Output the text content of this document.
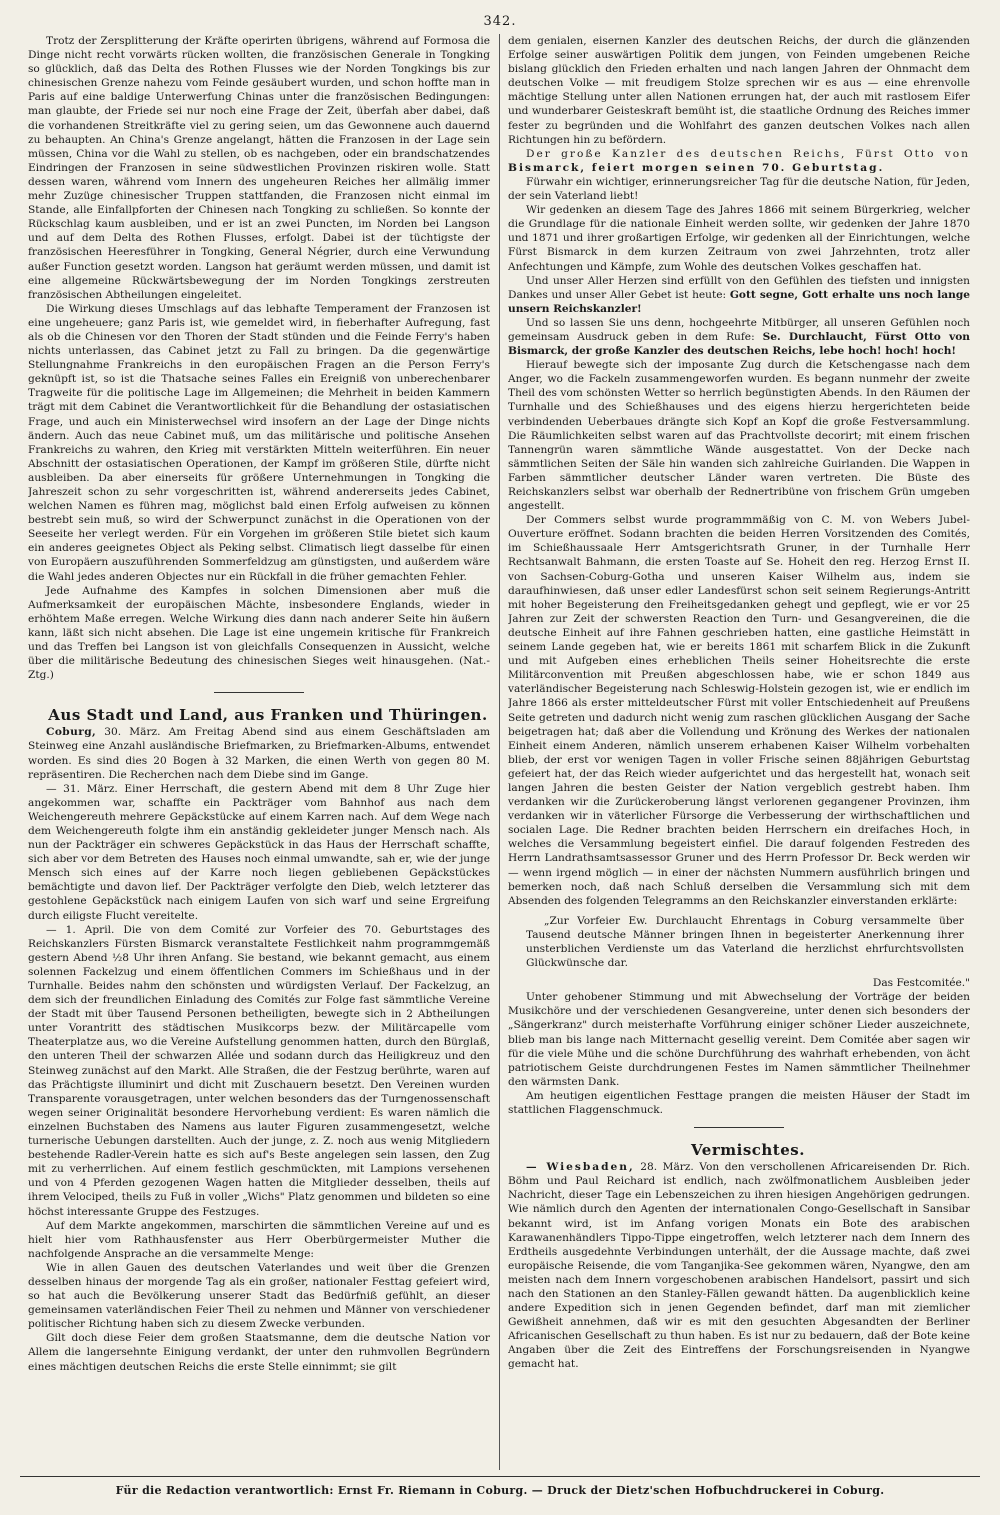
342.

Trotz der Zersplitterung der Kräfte operirten übrigens, während auf Formosa die Dinge nicht recht vorwärts rücken wollten, die französischen Generale in Tongking so glücklich, daß das Delta des Rothen Flusses wie der Norden Tongkings bis zur chinesischen Grenze nahezu vom Feinde gesäubert wurden, und schon hoffte man in Paris auf eine baldige Unterwerfung Chinas unter die französischen Bedingungen: man glaubte, der Friede sei nur noch eine Frage der Zeit, überfah aber dabei, daß die vorhandenen Streitkräfte viel zu gering seien, um das Gewonnene auch dauernd zu behaupten. An China's Grenze angelangt, hätten die Franzosen in der Lage sein müssen, China vor die Wahl zu stellen, ob es nachgeben, oder ein brandschatzendes Eindringen der Franzosen in seine südwestlichen Provinzen riskiren wolle. Statt dessen waren, während vom Innern des ungeheuren Reiches her allmälig immer mehr Zuzüge chinesischer Truppen stattfanden, die Franzosen nicht einmal im Stande, alle Einfallpforten der Chinesen nach Tongking zu schließen. So konnte der Rückschlag kaum ausbleiben, und er ist an zwei Puncten, im Norden bei Langson und auf dem Delta des Rothen Flusses, erfolgt. Dabei ist der tüchtigste der französischen Heeresführer in Tongking, General Négrier, durch eine Verwundung außer Function gesetzt worden. Langson hat geräumt werden müssen, und damit ist eine allgemeine Rückwärtsbewegung der im Norden Tongkings zerstreuten französischen Abtheilungen eingeleitet.

Die Wirkung dieses Umschlags auf das lebhafte Temperament der Franzosen ist eine ungeheuere; ganz Paris ist, wie gemeldet wird, in fieberhafter Aufregung, fast als ob die Chinesen vor den Thoren der Stadt stünden und die Feinde Ferry's haben nichts unterlassen, das Cabinet jetzt zu Fall zu bringen. Da die gegenwärtige Stellungnahme Frankreichs in den europäischen Fragen an die Person Ferry's geknüpft ist, so ist die Thatsache seines Falles ein Ereigniß von unberechenbarer Tragweite für die politische Lage im Allgemeinen; die Mehrheit in beiden Kammern trägt mit dem Cabinet die Verantwortlichkeit für die Behandlung der ostasiatischen Frage, und auch ein Ministerwechsel wird insofern an der Lage der Dinge nichts ändern. Auch das neue Cabinet muß, um das militärische und politische Ansehen Frankreichs zu wahren, den Krieg mit verstärkten Mitteln weiterführen. Ein neuer Abschnitt der ostasiatischen Operationen, der Kampf im größeren Stile, dürfte nicht ausbleiben. Da aber einerseits für größere Unternehmungen in Tongking die Jahreszeit schon zu sehr vorgeschritten ist, während andererseits jedes Cabinet, welchen Namen es führen mag, möglichst bald einen Erfolg aufweisen zu können bestrebt sein muß, so wird der Schwerpunct zunächst in die Operationen von der Seeseite her verlegt werden. Für ein Vorgehen im größeren Stile bietet sich kaum ein anderes geeignetes Object als Peking selbst. Climatisch liegt dasselbe für einen von Europäern auszuführenden Sommerfeldzug am günstigsten, und außerdem wäre die Wahl jedes anderen Objectes nur ein Rückfall in die früher gemachten Fehler.

Jede Aufnahme des Kampfes in solchen Dimensionen aber muß die Aufmerksamkeit der europäischen Mächte, insbesondere Englands, wieder in erhöhtem Maße erregen. Welche Wirkung dies dann nach anderer Seite hin äußern kann, läßt sich nicht absehen. Die Lage ist eine ungemein kritische für Frankreich und das Treffen bei Langson ist von gleichfalls Consequenzen in Aussicht, welche über die militärische Bedeutung des chinesischen Sieges weit hinausgehen. (Nat.-Ztg.)

Aus Stadt und Land, aus Franken und Thüringen.

Coburg, 30. März. Am Freitag Abend sind aus einem Geschäftsladen am Steinweg eine Anzahl ausländische Briefmarken, zu Briefmarken-Albums, entwendet worden. Es sind dies 20 Bogen à 32 Marken, die einen Werth von gegen 80 M. repräsentiren. Die Recherchen nach dem Diebe sind im Gange.

— 31. März. Einer Herrschaft, die gestern Abend mit dem 8 Uhr Zuge hier angekommen war, schaffte ein Packträger vom Bahnhof aus nach dem Weichengereuth mehrere Gepäckstücke auf einem Karren nach. Auf dem Wege nach dem Weichengereuth folgte ihm ein anständig gekleideter junger Mensch nach. Als nun der Packträger ein schweres Gepäckstück in das Haus der Herrschaft schaffte, sich aber vor dem Betreten des Hauses noch einmal umwandte, sah er, wie der junge Mensch sich eines auf der Karre noch liegen gebliebenen Gepäckstückes bemächtigte und davon lief. Der Packträger verfolgte den Dieb, welch letzterer das gestohlene Gepäckstück nach einigem Laufen von sich warf und seine Ergreifung durch eiligste Flucht vereitelte.

— 1. April. Die von dem Comité zur Vorfeier des 70. Geburtstages des Reichskanzlers Fürsten Bismarck veranstaltete Festlichkeit nahm programmgemäß gestern Abend ½8 Uhr ihren Anfang. Sie bestand, wie bekannt gemacht, aus einem solennen Fackelzug und einem öffentlichen Commers im Schießhaus und in der Turnhalle. Beides nahm den schönsten und würdigsten Verlauf. Der Fackelzug, an dem sich der freundlichen Einladung des Comités zur Folge fast sämmtliche Vereine der Stadt mit über Tausend Personen betheiligten, bewegte sich in 2 Abtheilungen unter Vorantritt des städtischen Musikcorps bezw. der Militärcapelle vom Theaterplatze aus, wo die Vereine Aufstellung genommen hatten, durch den Bürglaß, den unteren Theil der schwarzen Allée und sodann durch das Heiligkreuz und den Steinweg zunächst auf den Markt. Alle Straßen, die der Festzug berührte, waren auf das Prächtigste illuminirt und dicht mit Zuschauern besetzt. Den Vereinen wurden Transparente vorausgetragen, unter welchen besonders das der Turngenossenschaft wegen seiner Originalität besondere Hervorhebung verdient: Es waren nämlich die einzelnen Buchstaben des Namens aus lauter Figuren zusammengesetzt, welche turnerische Uebungen darstellten. Auch der junge, z. Z. noch aus wenig Mitgliedern bestehende Radler-Verein hatte es sich auf's Beste angelegen sein lassen, den Zug mit zu verherrlichen. Auf einem festlich geschmückten, mit Lampions versehenen und von 4 Pferden gezogenen Wagen hatten die Mitglieder desselben, theils auf ihrem Velociped, theils zu Fuß in voller „Wichs" Platz genommen und bildeten so eine höchst interessante Gruppe des Festzuges.

Auf dem Markte angekommen, marschirten die sämmtlichen Vereine auf und es hielt hier vom Rathhausfenster aus Herr Oberbürgermeister Muther die nachfolgende Ansprache an die versammelte Menge:

Wie in allen Gauen des deutschen Vaterlandes und weit über die Grenzen desselben hinaus der morgende Tag als ein großer, nationaler Festtag gefeiert wird, so hat auch die Bevölkerung unserer Stadt das Bedürfniß gefühlt, an dieser gemeinsamen vaterländischen Feier Theil zu nehmen und Männer von verschiedener politischer Richtung haben sich zu diesem Zwecke verbunden.

Gilt doch diese Feier dem großen Staatsmanne, dem die deutsche Nation vor Allem die langersehnte Einigung verdankt, der unter den ruhmvollen Begründern eines mächtigen deutschen Reichs die erste Stelle einnimmt; sie gilt

dem genialen, eisernen Kanzler des deutschen Reichs, der durch die glänzenden Erfolge seiner auswärtigen Politik dem jungen, von Feinden umgebenen Reiche bislang glücklich den Frieden erhalten und nach langen Jahren der Ohnmacht dem deutschen Volke — mit freudigem Stolze sprechen wir es aus — eine ehrenvolle mächtige Stellung unter allen Nationen errungen hat, der auch mit rastlosem Eifer und wunderbarer Geisteskraft bemüht ist, die staatliche Ordnung des Reiches immer fester zu begründen und die Wohlfahrt des ganzen deutschen Volkes nach allen Richtungen hin zu befördern.

Der große Kanzler des deutschen Reichs, Fürst Otto von Bismarck, feiert morgen seinen 70. Geburtstag.

Fürwahr ein wichtiger, erinnerungsreicher Tag für die deutsche Nation, für Jeden, der sein Vaterland liebt!

Wir gedenken an diesem Tage des Jahres 1866 mit seinem Bürgerkrieg, welcher die Grundlage für die nationale Einheit werden sollte, wir gedenken der Jahre 1870 und 1871 und ihrer großartigen Erfolge, wir gedenken all der Einrichtungen, welche Fürst Bismarck in dem kurzen Zeitraum von zwei Jahrzehnten, trotz aller Anfechtungen und Kämpfe, zum Wohle des deutschen Volkes geschaffen hat.

Und unser Aller Herzen sind erfüllt von den Gefühlen des tiefsten und innigsten Dankes und unser Aller Gebet ist heute: Gott segne, Gott erhalte uns noch lange unsern Reichskanzler!

Und so lassen Sie uns denn, hochgeehrte Mitbürger, all unseren Gefühlen noch gemeinsam Ausdruck geben in dem Rufe: Se. Durchlaucht, Fürst Otto von Bismarck, der große Kanzler des deutschen Reichs, lebe hoch! hoch! hoch!

Hierauf bewegte sich der imposante Zug durch die Ketschengasse nach dem Anger, wo die Fackeln zusammengeworfen wurden. Es begann nunmehr der zweite Theil des vom schönsten Wetter so herrlich begünstigten Abends. In den Räumen der Turnhalle und des Schießhauses und des eigens hierzu hergerichteten beide verbindenden Ueberbaues drängte sich Kopf an Kopf die große Festversammlung. Die Räumlichkeiten selbst waren auf das Prachtvollste decorirt; mit einem frischen Tannengrün waren sämmtliche Wände ausgestattet. Von der Decke nach sämmtlichen Seiten der Säle hin wanden sich zahlreiche Guirlanden. Die Wappen in Farben sämmtlicher deutscher Länder waren vertreten. Die Büste des Reichskanzlers selbst war oberhalb der Rednertribüne von frischem Grün umgeben angestellt.

Der Commers selbst wurde programmmäßig von C. M. von Webers Jubel-Ouverture eröffnet. Sodann brachten die beiden Herren Vorsitzenden des Comités, im Schießhaussaale Herr Amtsgerichtsrath Gruner, in der Turnhalle Herr Rechtsanwalt Bahmann, die ersten Toaste auf Se. Hoheit den reg. Herzog Ernst II. von Sachsen-Coburg-Gotha und unseren Kaiser Wilhelm aus, indem sie daraufhinwiesen, daß unser edler Landesfürst schon seit seinem Regierungs-Antritt mit hoher Begeisterung den Freiheitsgedanken gehegt und gepflegt, wie er vor 25 Jahren zur Zeit der schwersten Reaction den Turn- und Gesangvereinen, die die deutsche Einheit auf ihre Fahnen geschrieben hatten, eine gastliche Heimstätt in seinem Lande gegeben hat, wie er bereits 1861 mit scharfem Blick in die Zukunft und mit Aufgeben eines erheblichen Theils seiner Hoheitsrechte die erste Militärconvention mit Preußen abgeschlossen habe, wie er schon 1849 aus vaterländischer Begeisterung nach Schleswig-Holstein gezogen ist, wie er endlich im Jahre 1866 als erster mitteldeutscher Fürst mit voller Entschiedenheit auf Preußens Seite getreten und dadurch nicht wenig zum raschen glücklichen Ausgang der Sache beigetragen hat; daß aber die Vollendung und Krönung des Werkes der nationalen Einheit einem Anderen, nämlich unserem erhabenen Kaiser Wilhelm vorbehalten blieb, der erst vor wenigen Tagen in voller Frische seinen 88jährigen Geburtstag gefeiert hat, der das Reich wieder aufgerichtet und das hergestellt hat, wonach seit langen Jahren die besten Geister der Nation vergeblich gestrebt haben. Ihm verdanken wir die Zurückeroberung längst verlorenen gegangener Provinzen, ihm verdanken wir in väterlicher Fürsorge die Verbesserung der wirthschaftlichen und socialen Lage. Die Redner brachten beiden Herrschern ein dreifaches Hoch, in welches die Versammlung begeistert einfiel. Die darauf folgenden Festreden des Herrn Landrathsamtsassessor Gruner und des Herrn Professor Dr. Beck werden wir — wenn irgend möglich — in einer der nächsten Nummern ausführlich bringen und bemerken noch, daß nach Schluß derselben die Versammlung sich mit dem Absenden des folgenden Telegramms an den Reichskanzler einverstanden erklärte:

„Zur Vorfeier Ew. Durchlaucht Ehrentags in Coburg versammelte über Tausend deutsche Männer bringen Ihnen in begeisterter Anerkennung ihrer unsterblichen Verdienste um das Vaterland die herzlichst ehrfurchtsvollsten Glückwünsche dar.

Das Festcomitée."

Unter gehobener Stimmung und mit Abwechselung der Vorträge der beiden Musikchöre und der verschiedenen Gesangvereine, unter denen sich besonders der „Sängerkranz" durch meisterhafte Vorführung einiger schöner Lieder auszeichnete, blieb man bis lange nach Mitternacht gesellig vereint. Dem Comitée aber sagen wir für die viele Mühe und die schöne Durchführung des wahrhaft erhebenden, von ächt patriotischem Geiste durchdrungenen Festes im Namen sämmtlicher Theilnehmer den wärmsten Dank.

Am heutigen eigentlichen Festtage prangen die meisten Häuser der Stadt im stattlichen Flaggenschmuck.

Vermischtes.

— Wiesbaden, 28. März. Von den verschollenen Africareisenden Dr. Rich. Böhm und Paul Reichard ist endlich, nach zwölfmonatlichem Ausbleiben jeder Nachricht, dieser Tage ein Lebenszeichen zu ihren hiesigen Angehörigen gedrungen. Wie nämlich durch den Agenten der internationalen Congo-Gesellschaft in Sansibar bekannt wird, ist im Anfang vorigen Monats ein Bote des arabischen Karawanenhändlers Tippo-Tippe eingetroffen, welch letzterer nach dem Innern des Erdtheils ausgedehnte Verbindungen unterhält, der die Aussage machte, daß zwei europäische Reisende, die vom Tanganjika-See gekommen wären, Nyangwe, den am meisten nach dem Innern vorgeschobenen arabischen Handelsort, passirt und sich nach den Stationen an den Stanley-Fällen gewandt hätten. Da augenblicklich keine andere Expedition sich in jenen Gegenden befindet, darf man mit ziemlicher Gewißheit annehmen, daß wir es mit den gesuchten Abgesandten der Berliner Africanischen Gesellschaft zu thun haben. Es ist nur zu bedauern, daß der Bote keine Angaben über die Zeit des Eintreffens der Forschungsreisenden in Nyangwe gemacht hat.

Für die Redaction verantwortlich: Ernst Fr. Riemann in Coburg. — Druck der Dietz'schen Hofbuchdruckerei in Coburg.
